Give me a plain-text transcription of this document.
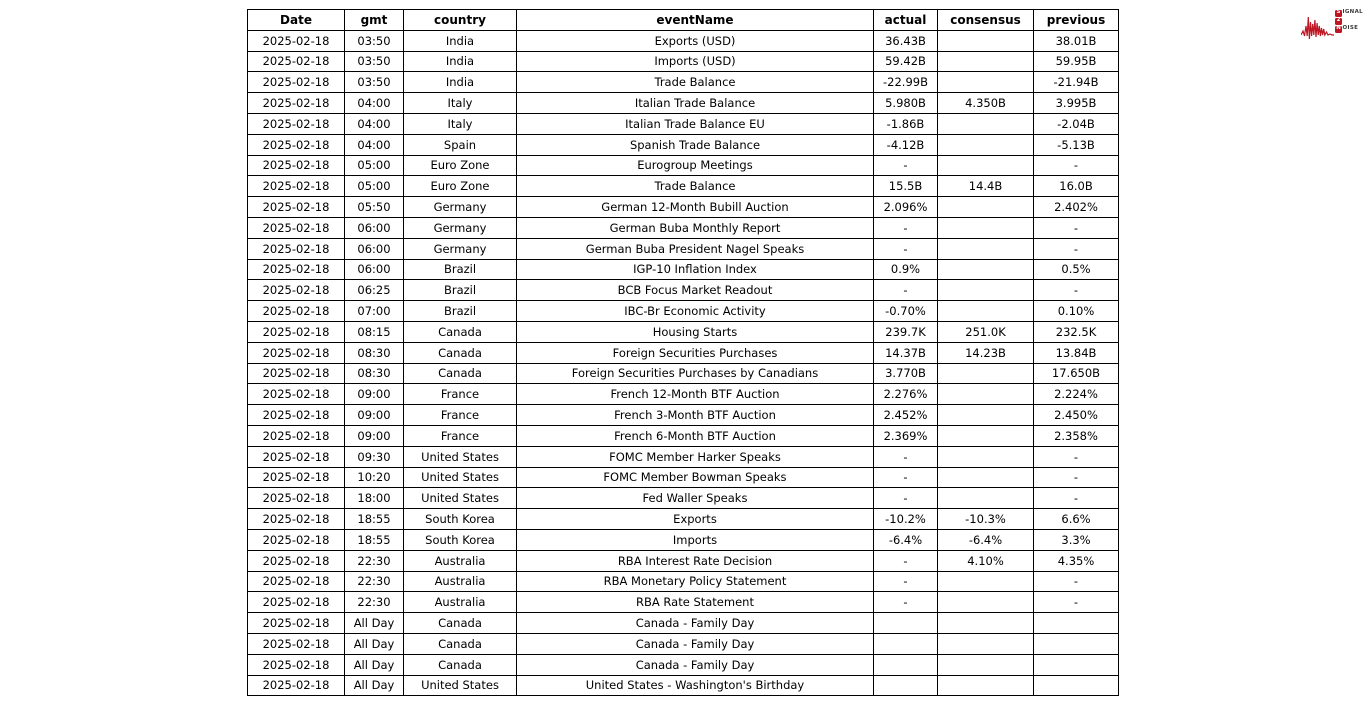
Date	gmt	country	eventName	actual	consensus	previous
2025-02-18	03:50	India	Exports (USD)	36.43B		38.01B
2025-02-18	03:50	India	Imports (USD)	59.42B		59.95B
2025-02-18	03:50	India	Trade Balance	-22.99B		-21.94B
2025-02-18	04:00	Italy	Italian Trade Balance	5.980B	4.350B	3.995B
2025-02-18	04:00	Italy	Italian Trade Balance EU	-1.86B		-2.04B
2025-02-18	04:00	Spain	Spanish Trade Balance	-4.12B		-5.13B
2025-02-18	05:00	Euro Zone	Eurogroup Meetings	-		-
2025-02-18	05:00	Euro Zone	Trade Balance	15.5B	14.4B	16.0B
2025-02-18	05:50	Germany	German 12-Month Bubill Auction	2.096%		2.402%
2025-02-18	06:00	Germany	German Buba Monthly Report	-		-
2025-02-18	06:00	Germany	German Buba President Nagel Speaks	-		-
2025-02-18	06:00	Brazil	IGP-10 Inflation Index	0.9%		0.5%
2025-02-18	06:25	Brazil	BCB Focus Market Readout	-		-
2025-02-18	07:00	Brazil	IBC-Br Economic Activity	-0.70%		0.10%
2025-02-18	08:15	Canada	Housing Starts	239.7K	251.0K	232.5K
2025-02-18	08:30	Canada	Foreign Securities Purchases	14.37B	14.23B	13.84B
2025-02-18	08:30	Canada	Foreign Securities Purchases by Canadians	3.770B		17.650B
2025-02-18	09:00	France	French 12-Month BTF Auction	2.276%		2.224%
2025-02-18	09:00	France	French 3-Month BTF Auction	2.452%		2.450%
2025-02-18	09:00	France	French 6-Month BTF Auction	2.369%		2.358%
2025-02-18	09:30	United States	FOMC Member Harker Speaks	-		-
2025-02-18	10:20	United States	FOMC Member Bowman Speaks	-		-
2025-02-18	18:00	United States	Fed Waller Speaks	-		-
2025-02-18	18:55	South Korea	Exports	-10.2%	-10.3%	6.6%
2025-02-18	18:55	South Korea	Imports	-6.4%	-6.4%	3.3%
2025-02-18	22:30	Australia	RBA Interest Rate Decision	-	4.10%	4.35%
2025-02-18	22:30	Australia	RBA Monetary Policy Statement	-		-
2025-02-18	22:30	Australia	RBA Rate Statement	-		-
2025-02-18	All Day	Canada	Canada - Family Day			
2025-02-18	All Day	Canada	Canada - Family Day			
2025-02-18	All Day	Canada	Canada - Family Day			
2025-02-18	All Day	United States	United States - Washington's Birthday			
S IGNAL
2
N OISE
